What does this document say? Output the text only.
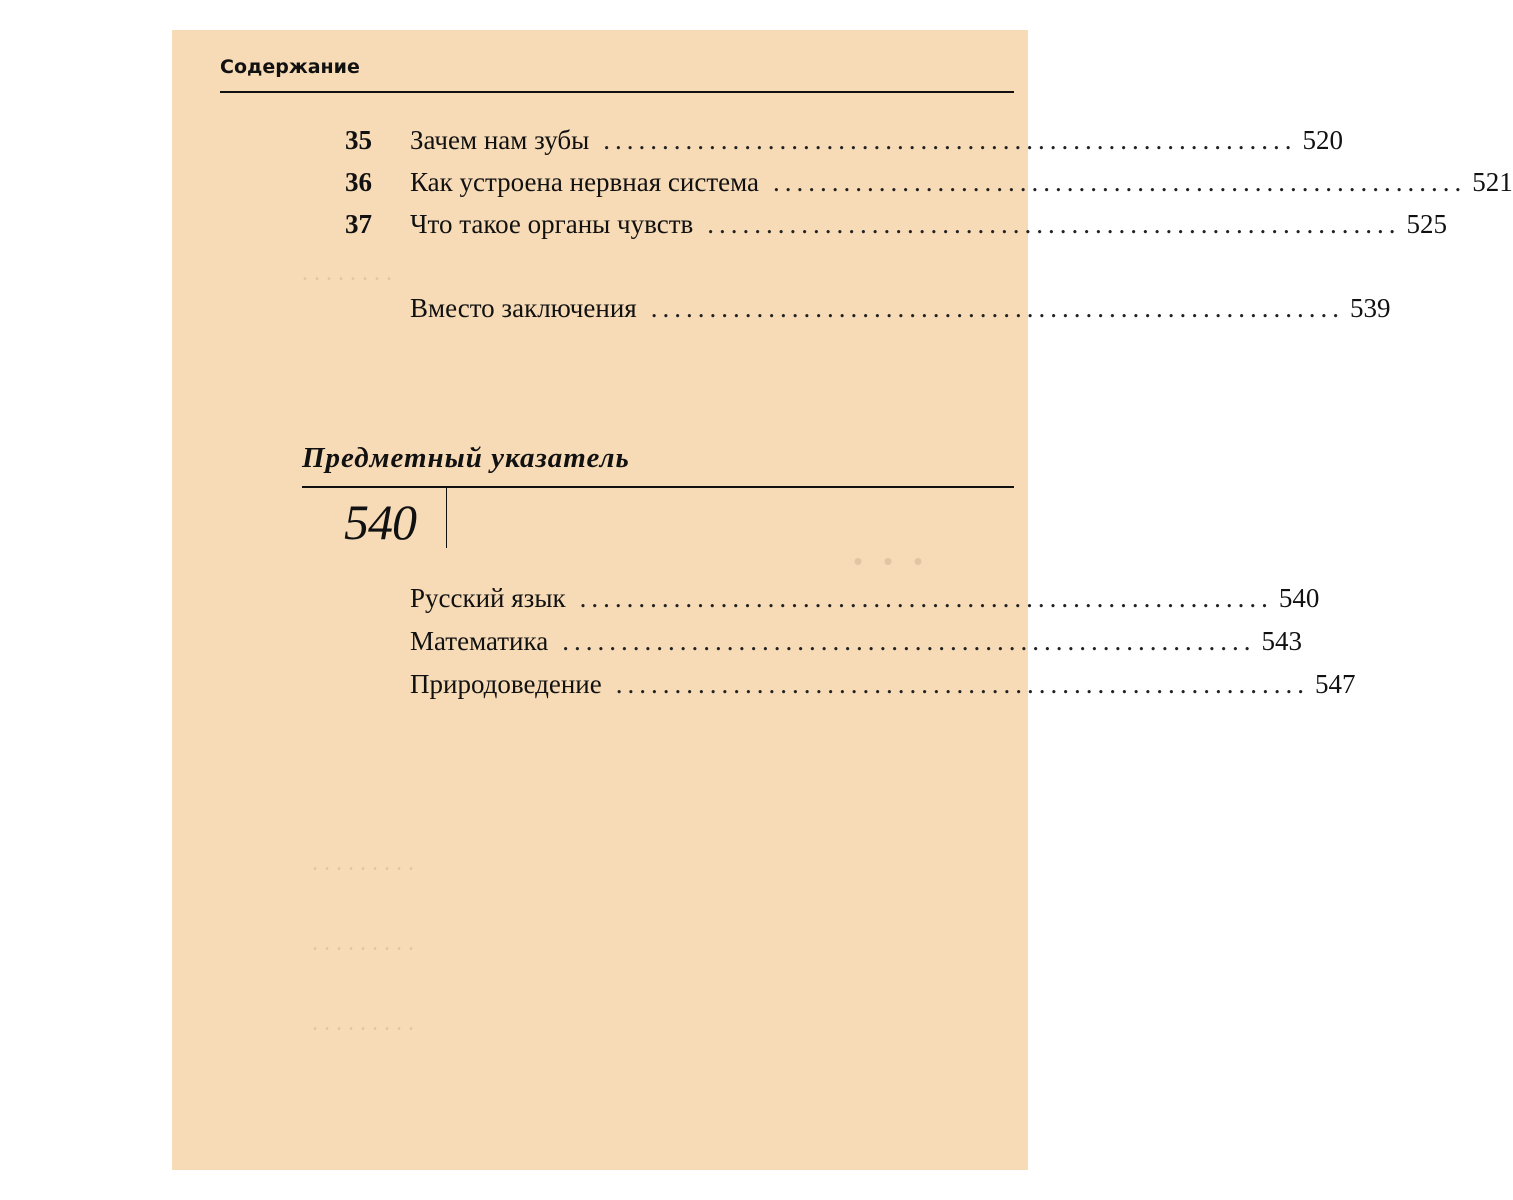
. . . . . . . .
. . .
. . . . . . . . .
. . . . . . . . .
. . . . . . . . .
Содержание
35 Зачем нам зубы ........................................................... 520
36 Как устроена нервная система ........................................................... 521
37 Что такое органы чувств ........................................................... 525
Вместо заключения ........................................................... 539
Предметный указатель
540
Русский язык ........................................................... 540
Математика ........................................................... 543
Природоведение ........................................................... 547
